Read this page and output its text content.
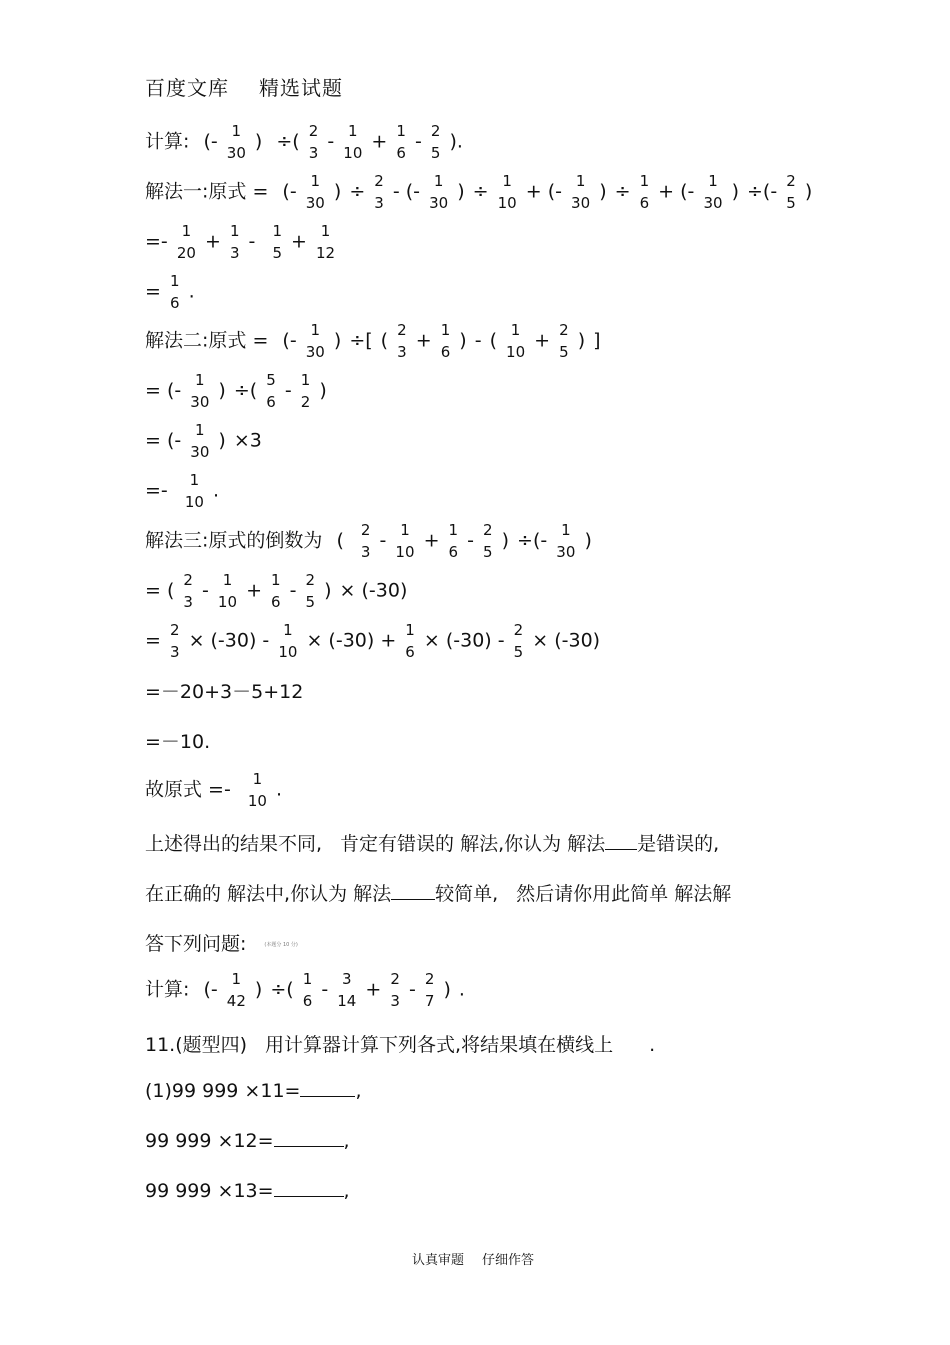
百度文库 精选试题
计算: (- 1
30
) ÷( 2
3
- 1
10
+ 1
6
- 2
5
).
解法一:原式 = (- 1
30
) ÷ 2
3
- (- 1
30
) ÷ 1
10
+ (- 1
30
) ÷ 1
6
+ (- 1
30
) ÷(- 2
5
)
=- 1
20
+ 1
3
- 1
5
+ 1
12
= 1
6
.
解法二:原式 = (- 1
30
) ÷[ ( 2
3
+ 1
6
) - ( 1
10
+ 2
5
) ]
= (- 1
30
) ÷( 5
6
- 1
2
)
= (- 1
30
) ×3
=- 1
10
.
解法三:原式的倒数为 ( 2
3
- 1
10
+ 1
6
- 2
5
) ÷(- 1
30
)
= ( 2
3
- 1
10
+ 1
6
- 2
5
) × (-30)
= 2
3
× (-30) - 1
10
× (-30) + 1
6
× (-30) - 2
5
× (-30)
=－20+3－5+12
=－10.
故原式 =- 1
10
.
上述得出的结果不同, 肯定有错误的 解法,你认为 解法 是错误的,
在正确的 解法中,你认为 解法 较简单, 然后请你用此简单 解法解
答下列问题:	(本题分 10 分)
计算: (- 1
42
) ÷( 1
6
- 3
14
+ 2
3
- 2
7
) .
11.(题型四) 用计算器计算下列各式,将结果填在横线上 .
(1)99 999 ×11=	,
99 999 ×12=	,
99 999 ×13=	,
认真审题 仔细作答
